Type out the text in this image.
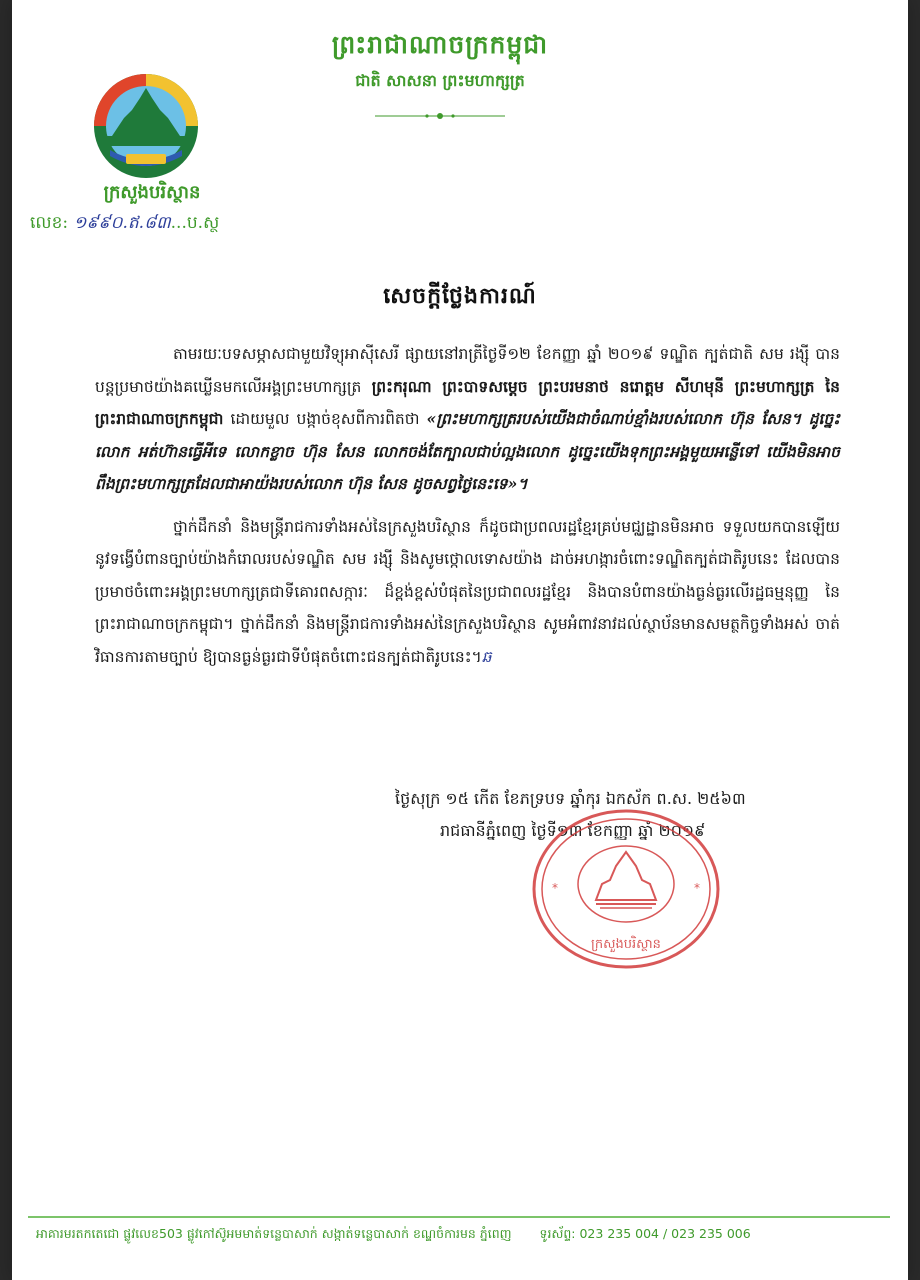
ព្រះរាជាណាចក្រកម្ពុជា
ជាតិ សាសនា ព្រះមហាក្សត្រ
ក្រសួងបរិស្ថាន
លេខ: ១៩៩០.ឥ.៨៣...ប.ស្ថ
សេចក្តីថ្លែងការណ៍

តាមរយៈបទសម្ភាសជាមួយវិទ្យុអាស៊ីសេរី ផ្សាយនៅរាត្រីថ្ងៃទី១២ ខែកញ្ញា ឆ្នាំ ២០១៩ ទណ្ឌិត ក្បត់ជាតិ សម រង្ស៊ី បានបន្តប្រមាថយ៉ាងគឃ្លើនមកលើអង្គព្រះមហាក្សត្រ ព្រះករុណា ព្រះបាទសម្តេច ព្រះបរមនាថ នរោត្តម សីហមុនី ព្រះមហាក្សត្រ នៃព្រះរាជាណាចក្រកម្ពុជា ដោយមួល បង្កាច់ខុសពីការពិតថា «ព្រះមហាក្សត្ររបស់យើងជាចំណាប់ខ្មាំងរបស់លោក ហ៊ុន សែន។ ដូច្នេះលោក អត់ហ៊ានធ្វើអីទេ លោកខ្លាច ហ៊ុន សែន លោកចង់តែក្បាលជាប់ល្អងលោក ដូច្នេះយើងទុកព្រះអង្គមួយអន្លើទៅ យើងមិនអាចពឹងព្រះមហាក្សត្រដែលជាអាយ៉ងរបស់លោក ហ៊ុន សែន ដូចសព្វថ្ងៃនេះទេ»។

ថ្នាក់ដឹកនាំ និងមន្ត្រីរាជការទាំងអស់នៃក្រសួងបរិស្ថាន ក៏ដូចជាប្រពលរដ្ឋខ្មែរគ្រប់មជ្ឈដ្ឋានមិនអាច ទទួលយកបានឡើយនូវទង្វើបំពានច្បាប់យ៉ាងកំរោលរបស់ទណ្ឌិត សម រង្ស៊ី និងសូមថ្កោលទោសយ៉ាង ដាច់អហង្ការចំពោះទណ្ឌិតក្បត់ជាតិរូបនេះ ដែលបានប្រមាថចំពោះអង្គព្រះមហាក្សត្រជាទីគោរពសក្ការៈ ដ៏ខ្ពង់ខ្ពស់បំផុតនៃប្រជាពលរដ្ឋខ្មែរ និងបានបំពានយ៉ាងធ្ងន់ធ្ងរលើរដ្ឋធម្មនុញ្ញ នៃព្រះរាជាណាចក្រកម្ពុជា។ ថ្នាក់ដឹកនាំ និងមន្ត្រីរាជការទាំងអស់នៃក្រសួងបរិស្ថាន សូមអំពាវនាវដល់ស្ថាប័នមានសមត្ថកិច្ចទាំងអស់ ចាត់វិធានការតាមច្បាប់ ឱ្យបានធ្ងន់ធ្ងរជាទីបំផុតចំពោះជនក្បត់ជាតិរូបនេះ។ឆ

ថ្ងៃសុក្រ ១៥ កើត ខែភទ្របទ ឆ្នាំកុរ ឯកស័ក ព.ស. ២៥៦៣
រាជធានីភ្នំពេញ ថ្ងៃទី១៣ ខែកញ្ញា ឆ្នាំ ២០១៩
*	*
ក្រសួងបរិស្ថាន
អាគារមរតកតេជោ ផ្លូវលេខ503 ផ្លូវកៅស៊ូអមមាត់ទន្លេបាសាក់ សង្កាត់ទន្លេបាសាក់ ខណ្ឌចំការមន ភ្នំពេញ ទូរស័ព្ទ: 023 235 004 / 023 235 006
